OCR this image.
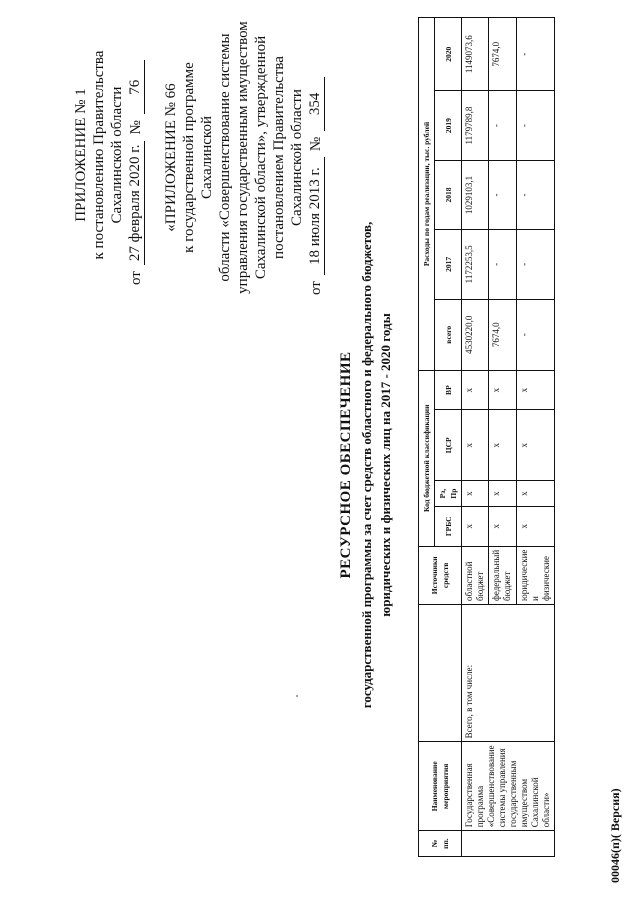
ПРИЛОЖЕНИЕ № 1 к постановлению Правительства Сахалинской области
от
27 февраля 2020 г.
№
76 «ПРИЛОЖЕНИЕ № 66 к государственной программе Сахалинской области «Совершенствование системы управления государственным имуществом Сахалинской области», утвержденной постановлением Правительства Сахалинской области
от
18 июля 2013 г.
№
354
РЕСУРСНОЕ ОБЕСПЕЧЕНИЕ государственной программы за счет средств областного и федерального бюджетов, юридических и физических лиц на 2017 - 2020 годы
№ пп.	Наименование мероприятия		Источники средств	Код бюджетной классификации				Расходы по годам реализации, тыс. рублей				
				ГРБС	Рз, Пр	ЦСР	ВР	всего	2017	2018	2019	2020
	Государственная программа «Совершенствование системы управления государственным имуществом Сахалинской области»	Всего, в том числе:	областной бюджет	х	х	х	х	4530220,0	1172253,5	1029103,1	1179789,8	1149073,6
			федеральный бюджет	х	х	х	х	7674,0	-	-	-	7674,0
			юридические и физические	х	х	х	х	-	-	-	-	-
00046(п)( Версия)
